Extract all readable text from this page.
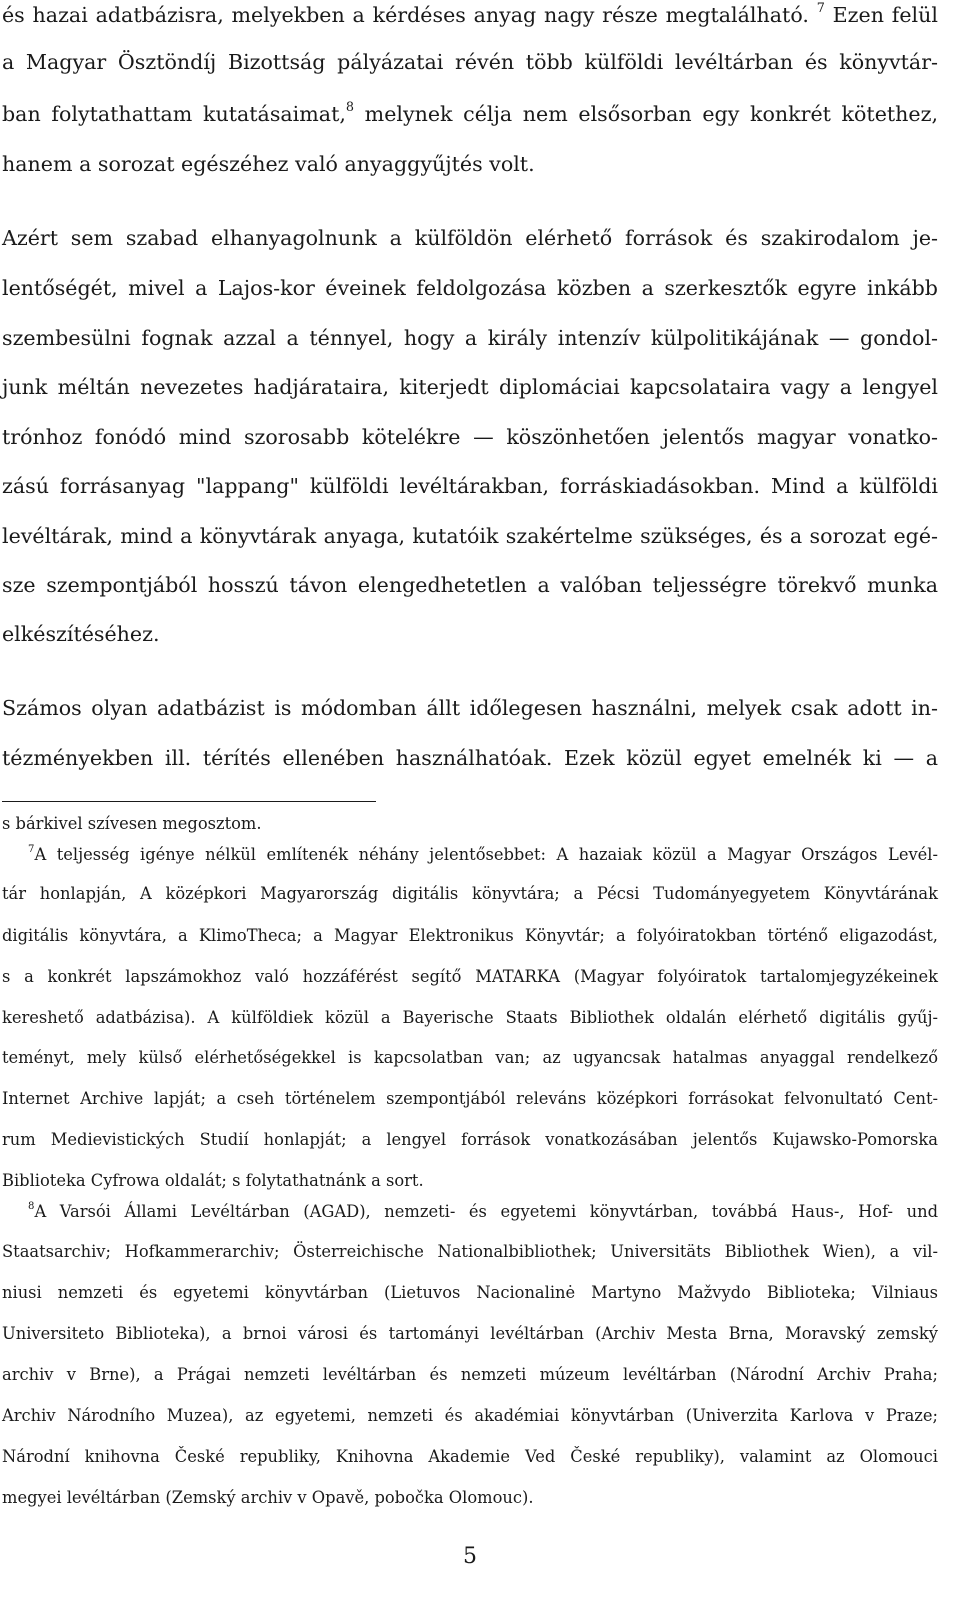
és hazai adatbázisra, melyekben a kérdéses anyag nagy része megtalálható. $^7$ Ezen felül
a Magyar Ösztöndíj Bizottság pályázatai révén több külföldi levéltárban és könyvtár-
ban folytathattam kutatásaimat,$^8$ melynek célja nem elsősorban egy konkrét kötethez,
hanem a sorozat egészéhez való anyaggyűjtés volt.
Azért sem szabad elhanyagolnunk a külföldön elérhető források és szakirodalom je-
lentőségét, mivel a Lajos-kor éveinek feldolgozása közben a szerkesztők egyre inkább
szembesülni fognak azzal a ténnyel, hogy a király intenzív külpolitikájának — gondol-
junk méltán nevezetes hadjárataira, kiterjedt diplomáciai kapcsolataira vagy a lengyel
trónhoz fonódó mind szorosabb kötelékre — köszönhetően jelentős magyar vonatko-
zású forrásanyag "lappang" külföldi levéltárakban, forráskiadásokban. Mind a külföldi
levéltárak, mind a könyvtárak anyaga, kutatóik szakértelme szükséges, és a sorozat egé-
sze szempontjából hosszú távon elengedhetetlen a valóban teljességre törekvő munka
elkészítéséhez.
Számos olyan adatbázist is módomban állt időlegesen használni, melyek csak adott in-
tézményekben ill. térítés ellenében használhatóak. Ezek közül egyet emelnék ki — a
s bárkivel szívesen megosztom.
$^7$A teljesség igénye nélkül említenék néhány jelentősebbet: A hazaiak közül a Magyar Országos Levél-
tár honlapján, A középkori Magyarország digitális könyvtára; a Pécsi Tudományegyetem Könyvtárának
digitális könyvtára, a KlimoTheca; a Magyar Elektronikus Könyvtár; a folyóiratokban történő eligazodást,
s a konkrét lapszámokhoz való hozzáférést segítő MATARKA (Magyar folyóiratok tartalomjegyzékeinek
kereshető adatbázisa). A külföldiek közül a Bayerische Staats Bibliothek oldalán elérhető digitális gyűj-
teményt, mely külső elérhetőségekkel is kapcsolatban van; az ugyancsak hatalmas anyaggal rendelkező
Internet Archive lapját; a cseh történelem szempontjából releváns középkori forrásokat felvonultató Cent-
rum Medievistických Studií honlapját; a lengyel források vonatkozásában jelentős Kujawsko-Pomorska
Biblioteka Cyfrowa oldalát; s folytathatnánk a sort.
$^8$A Varsói Állami Levéltárban (AGAD), nemzeti- és egyetemi könyvtárban, továbbá Haus-, Hof- und
Staatsarchiv; Hofkammerarchiv; Österreichische Nationalbibliothek; Universitäts Bibliothek Wien), a vil-
niusi nemzeti és egyetemi könyvtárban (Lietuvos Nacionalinė Martyno Mažvydo Biblioteka; Vilniaus
Universiteto Biblioteka), a brnoi városi és tartományi levéltárban (Archiv Mesta Brna, Moravský zemský
archiv v Brne), a Prágai nemzeti levéltárban és nemzeti múzeum levéltárban (Národní Archiv Praha;
Archiv Národního Muzea), az egyetemi, nemzeti és akadémiai könyvtárban (Univerzita Karlova v Praze;
Národní knihovna České republiky, Knihovna Akademie Ved České republiky), valamint az Olomouci
megyei levéltárban (Zemský archiv v Opavě, pobočka Olomouc).
5
